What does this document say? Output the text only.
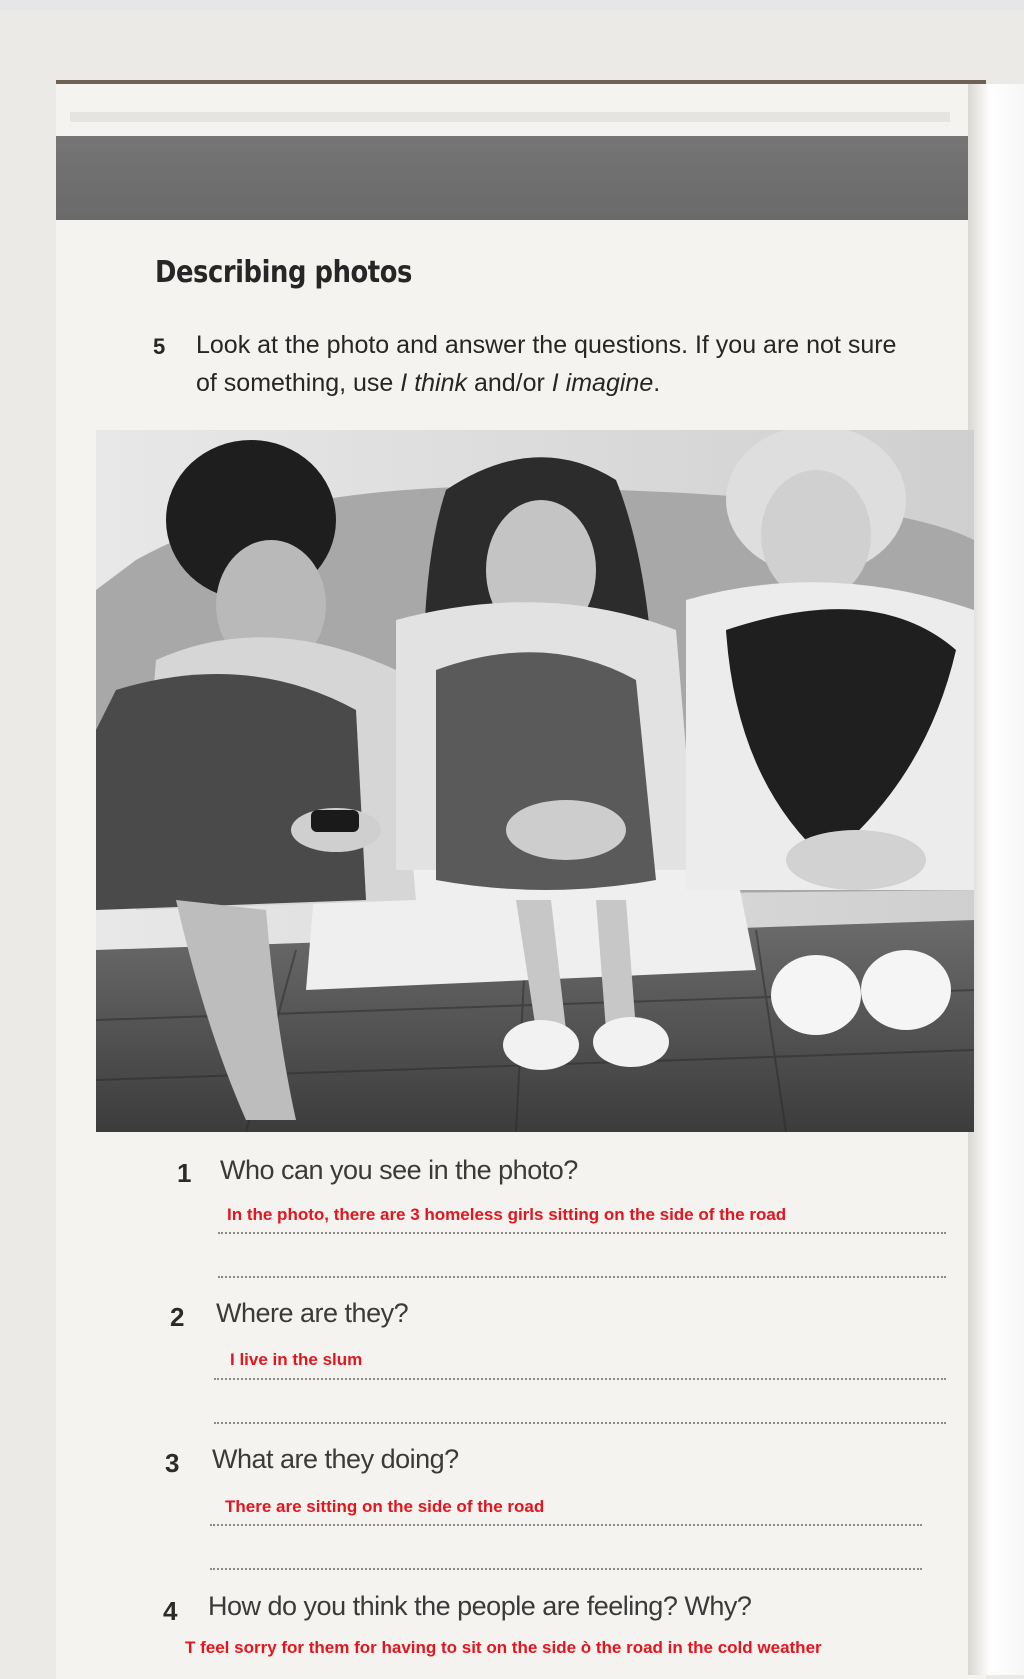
Describing photos
5 Look at the photo and answer the questions. If you are not sure of something, use I think and/or I imagine.
1 Who can you see in the photo?
In the photo, there are 3 homeless girls sitting on the side of the road
2 Where are they?
I live in the slum
3 What are they doing?
There are sitting on the side of the road
4 How do you think the people are feeling? Why?
T feel sorry for them for having to sit on the side ò the road in the cold weather
